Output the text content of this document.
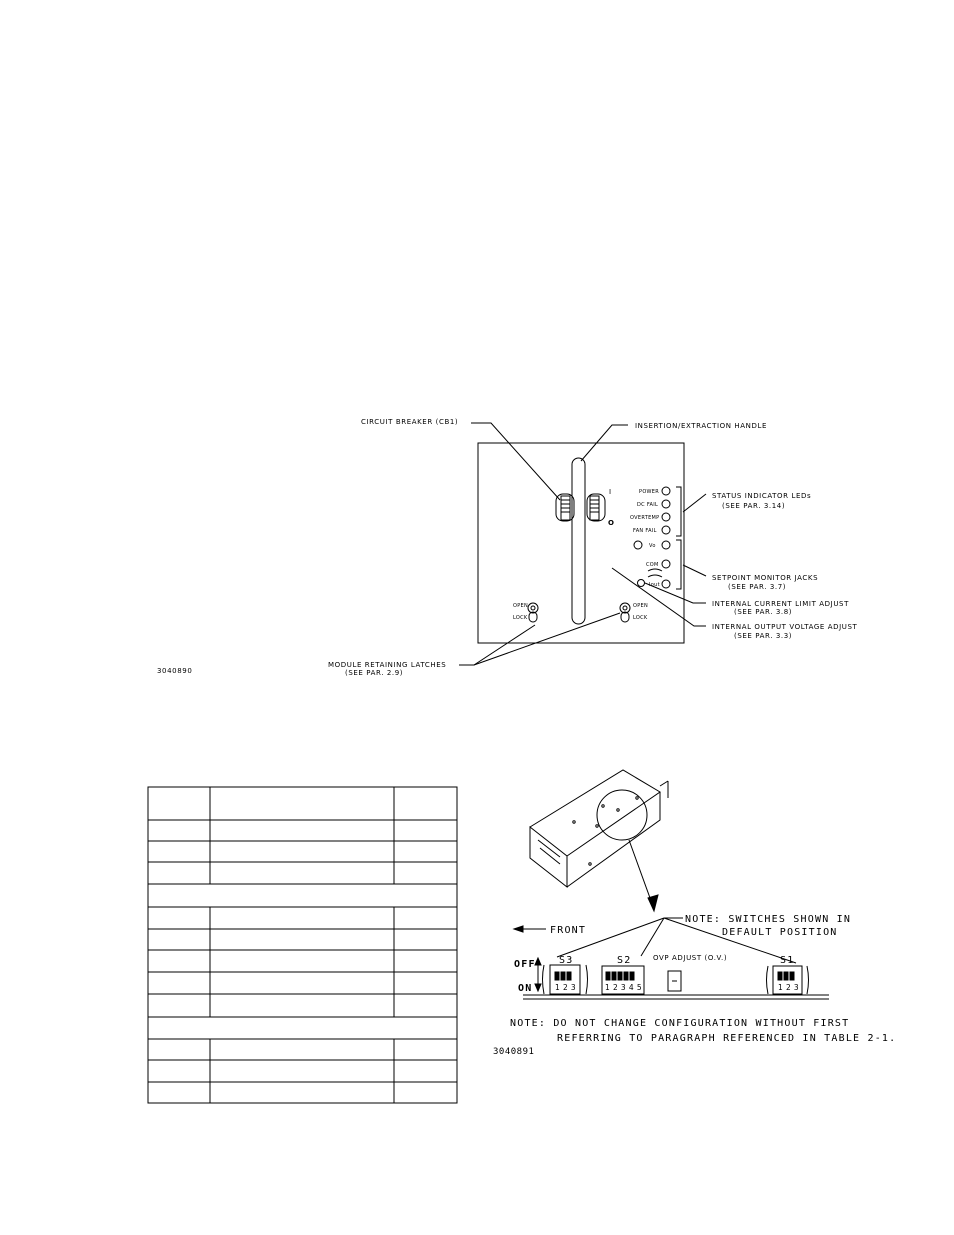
CIRCUIT BREAKER (CB1)	INSERTION/EXTRACTION HANDLE
STATUS INDICATOR LEDs
(SEE PAR. 3.14)
SETPOINT MONITOR JACKS
(SEE PAR. 3.7)
INTERNAL CURRENT LIMIT ADJUST
(SEE PAR. 3.8)
INTERNAL OUTPUT VOLTAGE ADJUST
(SEE PAR. 3.3)
MODULE RETAINING LATCHES
(SEE PAR. 2.9)
3040890
I
O
POWER
DC FAIL
OVERTEMP
FAN FAIL
Vo
COM
Iout
OPEN
LOCK
OPEN
LOCK
FRONT
NOTE: SWITCHES SHOWN IN
DEFAULT POSITION
S3	S2	S1
OVP ADJUST (O.V.)
OFF
ON	1 2 3	1 2 3 4 5	1 2 3
NOTE: DO NOT CHANGE CONFIGURATION WITHOUT FIRST
REFERRING TO PARAGRAPH REFERENCED IN TABLE 2-1.
3040891
